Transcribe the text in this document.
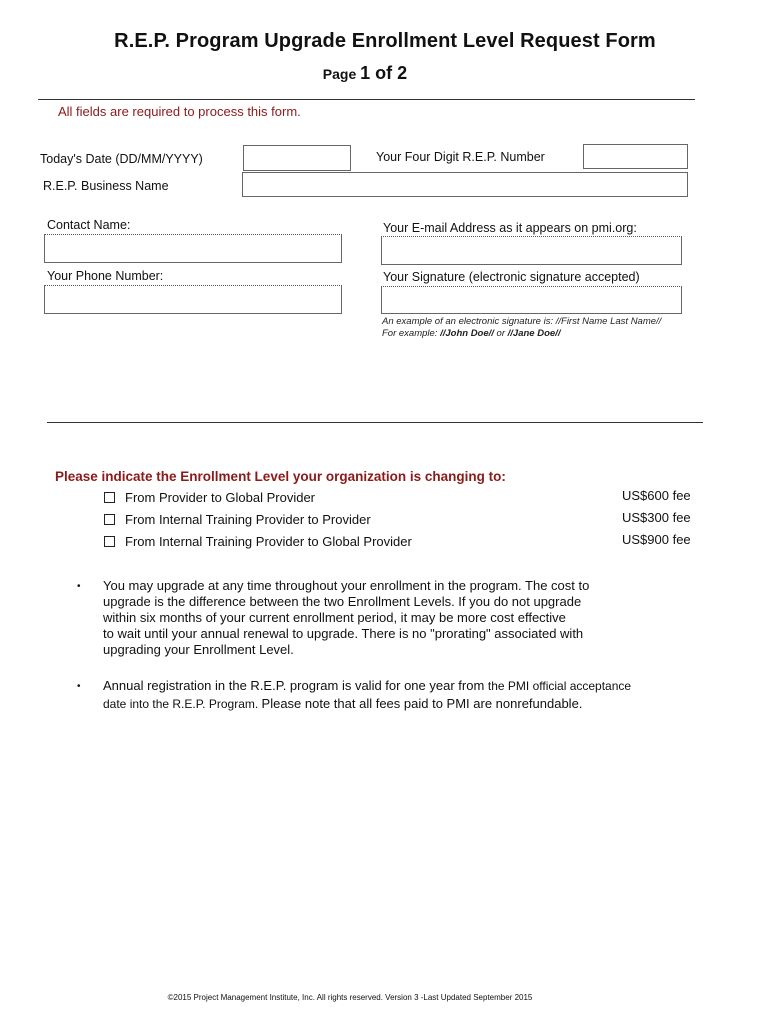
R.E.P. Program Upgrade Enrollment Level Request Form
Page 1 of 2
All fields are required to process this form.
Today's Date (DD/MM/YYYY)	Your Four Digit R.E.P. Number
R.E.P. Business Name
Contact Name:	Your E-mail Address as it appears on pmi.org:
Your Phone Number:	Your Signature (electronic signature accepted)
An example of an electronic signature is: //First Name Last Name//
For example: //John Doe// or //Jane Doe//
Please indicate the Enrollment Level your organization is changing to:
From Provider to Global Provider	US$600 fee
From Internal Training Provider to Provider	US$300 fee
From Internal Training Provider to Global Provider	US$900 fee
• You may upgrade at any time throughout your enrollment in the program. The cost to
upgrade is the difference between the two Enrollment Levels. If you do not upgrade
within six months of your current enrollment period, it may be more cost effective
to wait until your annual renewal to upgrade. There is no "prorating" associated with
upgrading your Enrollment Level.
• Annual registration in the R.E.P. program is valid for one year from the PMI official acceptance
date into the R.E.P. Program. Please note that all fees paid to PMI are nonrefundable.
©2015 Project Management Institute, Inc. All rights reserved. Version 3 -Last Updated September 2015
